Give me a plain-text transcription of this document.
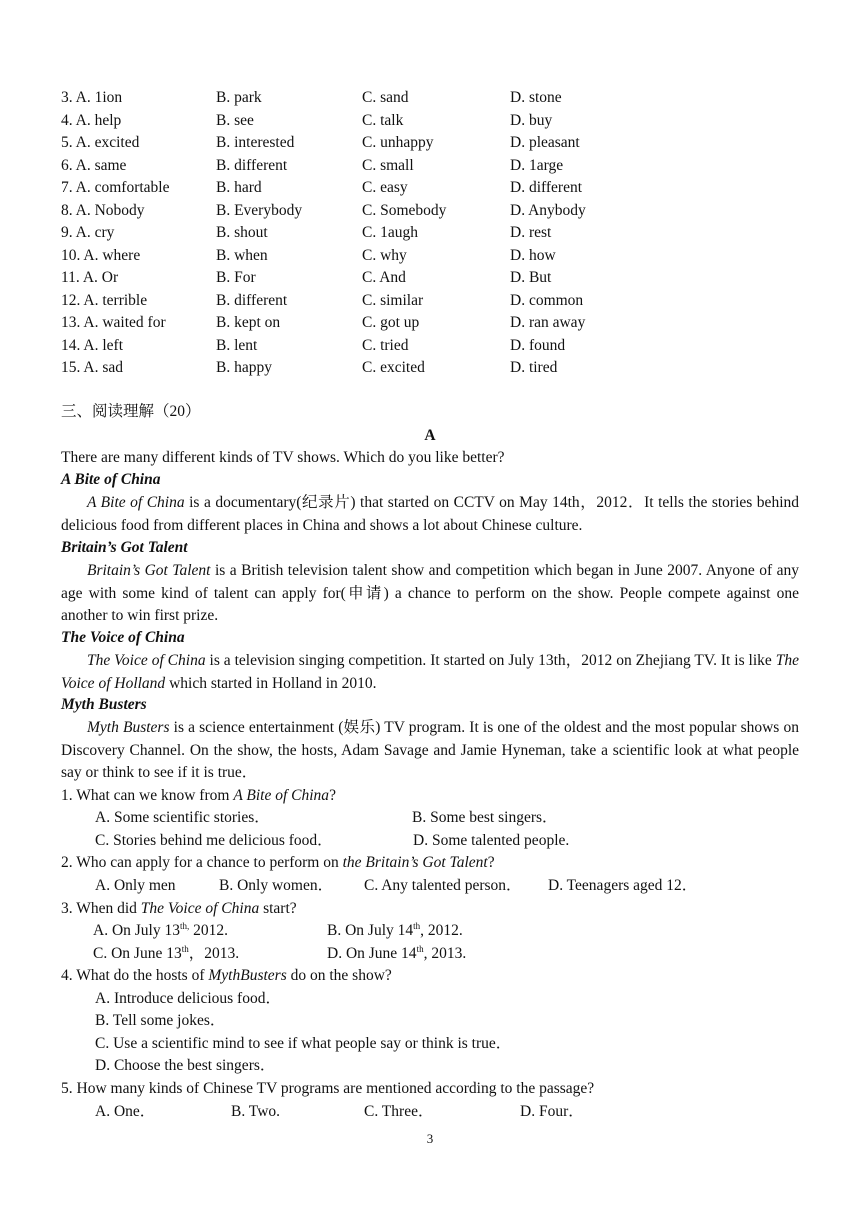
3. A. 1ion	B. park	C. sand	D. stone
4. A. help	B. see	C. talk	D. buy
5. A. excited	B. interested	C. unhappy	D. pleasant
6. A. same	B. different	C. small	D. 1arge
7. A. comfortable	B. hard	C. easy	D. different
8. A. Nobody	B. Everybody	C. Somebody	D. Anybody
9. A. cry	B. shout	C. 1augh	D. rest
10. A. where	B. when	C. why	D. how
11. A. Or	B. For	C. And	D. But
12. A. terrible	B. different	C. similar	D. common
13. A. waited for	B. kept on	C. got up	D. ran away
14. A. left	B. lent	C. tried	D. found
15. A. sad	B. happy	C. excited	D. tired
三、阅读理解（20）
A
There are many different kinds of TV shows. Which do you like better?
A Bite of China
A Bite of China is a documentary(纪录片) that started on CCTV on May 14th，2012．It tells the stories behind delicious food from different places in China and shows a lot about Chinese culture.
Britain’s Got Talent
Britain’s Got Talent is a British television talent show and competition which began in June 2007. Anyone of any age with some kind of talent can apply for(申请) a chance to perform on the show. People compete against one another to win first prize.
The Voice of China
The Voice of China is a television singing competition. It started on July 13th，2012 on Zhejiang TV. It is like The Voice of Holland which started in Holland in 2010.
Myth Busters
Myth Busters is a science entertainment (娱乐) TV program. It is one of the oldest and the most popular shows on Discovery Channel. On the show, the hosts, Adam Savage and Jamie Hyneman, take a scientific look at what people say or think to see if it is true．
1. What can we know from A Bite of China?
A. Some scientific stories．	B. Some best singers．
C. Stories behind me delicious food．	D. Some talented people.
2. Who can apply for a chance to perform on the Britain’s Got Talent?
A. Only men	B. Only women． C. Any talented person． D. Teenagers aged 12．
3. When did The Voice of China start?
A. On July $13^{th,}$ 2012.	B. On July 14th, 2012.
C. On June 13th，2013.	D. On June 14th, 2013.
4. What do the hosts of MythBusters do on the show?
A. Introduce delicious food．
B. Tell some jokes．
C. Use a scientific mind to see if what people say or think is true．
D. Choose the best singers．
5. How many kinds of Chinese TV programs are mentioned according to the passage?
A. One．	B. Two.	C. Three．	D. Four．
3
